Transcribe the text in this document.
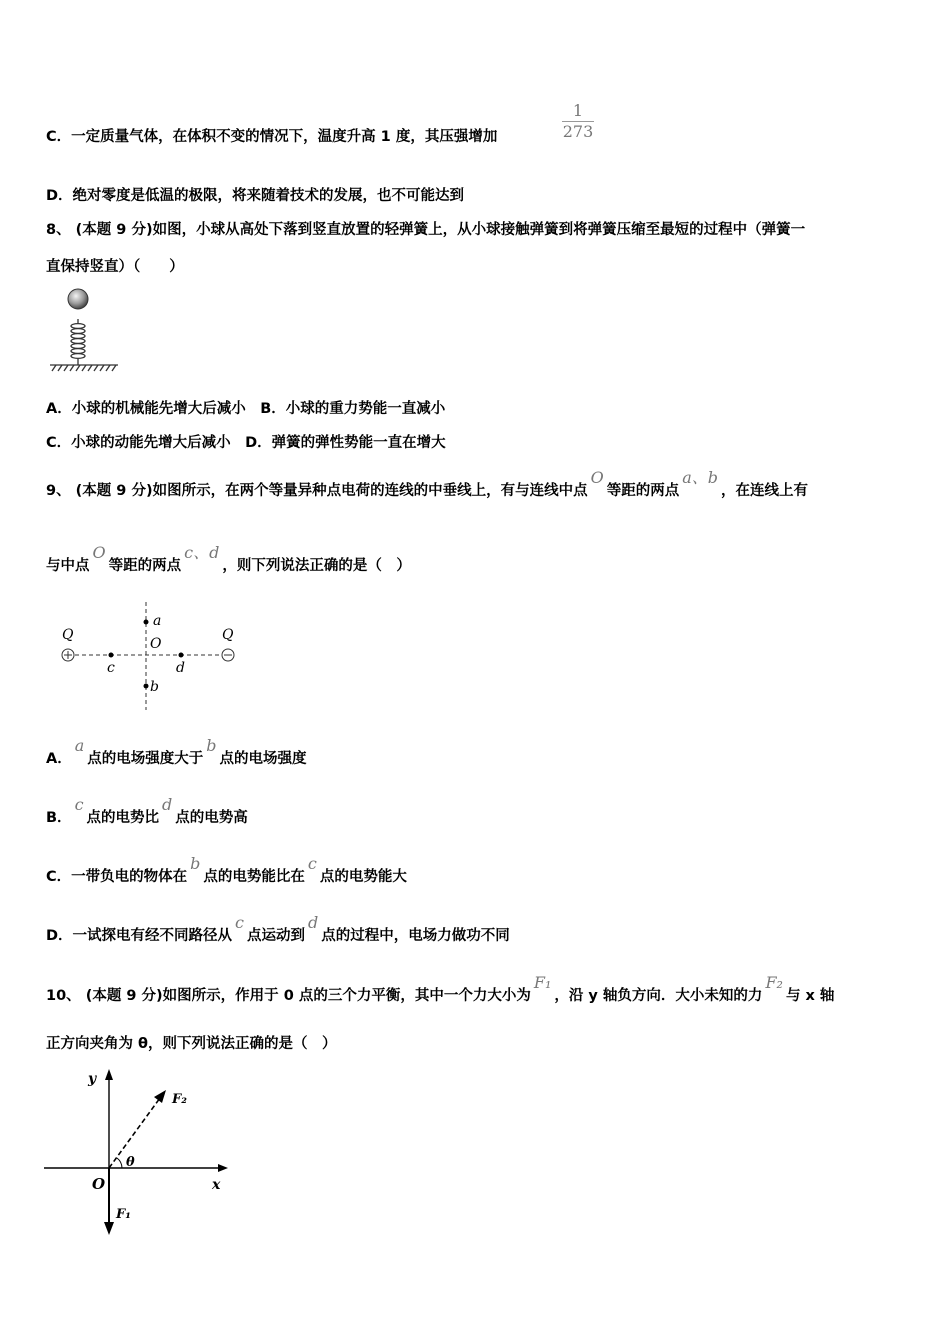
C．一定质量气体，在体积不变的情况下，温度升高 1 度，其压强增加
1
273
D．绝对零度是低温的极限，将来随着技术的发展，也不可能达到
8、 (本题 9 分)如图，小球从高处下落到竖直放置的轻弹簧上，从小球接触弹簧到将弹簧压缩至最短的过程中（弹簧一
直保持竖直）（　　）
A．小球的机械能先增大后减小　B．小球的重力势能一直减小
C．小球的动能先增大后减小　D．弹簧的弹性势能一直在增大
9、 (本题 9 分)如图所示，在两个等量异种点电荷的连线的中垂线上，有与连线中点O等距的两点a、b，在连线上有
与中点O等距的两点c、d，则下列说法正确的是（　）
Q	Q
a
O
b
c	d
A．a点的电场强度大于b点的电场强度
B．c点的电势比d点的电势高
C．一带负电的物体在b点的电势能比在c点的电势能大
D．一试探电有经不同路径从c点运动到d点的过程中，电场力做功不同
10、 (本题 9 分)如图所示，作用于 0 点的三个力平衡，其中一个力大小为F₁，沿 y 轴负方向．大小未知的力F₂与 x 轴
正方向夹角为 θ，则下列说法正确的是（　）
y
x
O
F₁
F₂
θ
